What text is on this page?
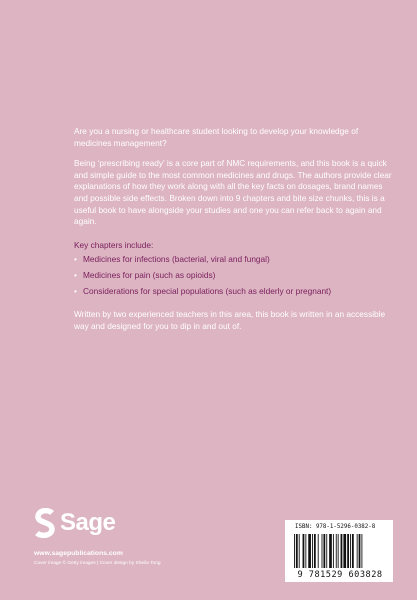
Are you a nursing or healthcare student looking to develop your knowledge of medicines management?

Being ‘prescribing ready’ is a core part of NMC requirements, and this book is a quick and simple guide to the most common medicines and drugs. The authors provide clear explanations of how they work along with all the key facts on dosages, brand names and possible side effects. Broken down into 9 chapters and bite size chunks, this is a useful book to have alongside your studies and one you can refer back to again and again.

Key chapters include:

• Medicines for infections (bacterial, viral and fungal)
• Medicines for pain (such as opioids)
• Considerations for special populations (such as elderly or pregnant)

Written by two experienced teachers in this area, this book is written in an accessible way and designed for you to dip in and out of.

Sage
www.sagepublications.com
Cover image © Getty images | Cover design by Sheila Tong
ISBN: 978-1-5296-0382-8
9 781529 603828
